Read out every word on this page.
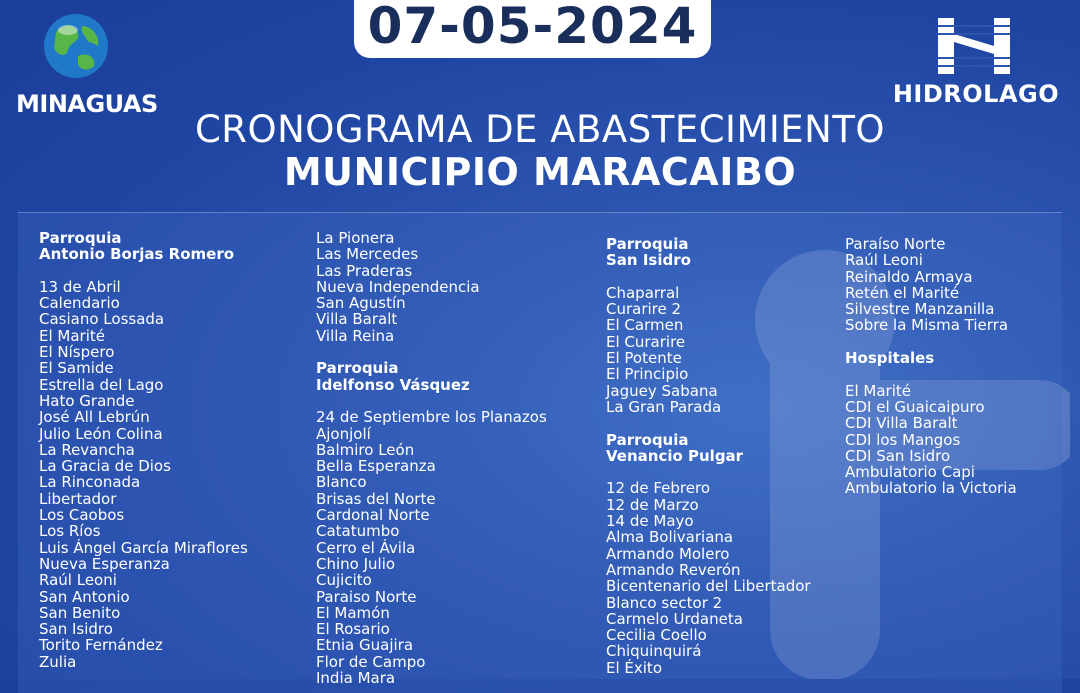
07-05-2024
MINAGUAS	HIDROLAGO
CRONOGRAMA DE ABASTECIMIENTO
MUNICIPIO MARACAIBO
Parroquia
Antonio Borjas Romero
13 de Abril
Calendario
Casiano Lossada
El Marité
El Níspero
El Samide
Estrella del Lago
Hato Grande
José All Lebrún
Julio León Colina
La Revancha
La Gracia de Dios
La Rinconada
Libertador
Los Caobos
Los Ríos
Luis Ángel García Miraflores
Nueva Esperanza
Raúl Leoni
San Antonio
San Benito
San Isidro
Torito Fernández
Zulia
La Pionera
Las Mercedes
Las Praderas
Nueva Independencia
San Agustín
Villa Baralt
Villa Reina
Parroquia
Idelfonso Vásquez
24 de Septiembre los Planazos
Ajonjolí
Balmiro León
Bella Esperanza
Blanco
Brisas del Norte
Cardonal Norte
Catatumbo
Cerro el Ávila
Chino Julio
Cujicito
Paraiso Norte
El Mamón
El Rosario
Etnia Guajira
Flor de Campo
India Mara
Parroquia
San Isidro
Chaparral
Curarire 2
El Carmen
El Curarire
El Potente
El Principio
Jaguey Sabana
La Gran Parada
Parroquia
Venancio Pulgar
12 de Febrero
12 de Marzo
14 de Mayo
Alma Bolivariana
Armando Molero
Armando Reverón
Bicentenario del Libertador
Blanco sector 2
Carmelo Urdaneta
Cecilia Coello
Chiquinquirá
El Éxito
Paraíso Norte
Raúl Leoni
Reinaldo Armaya
Retén el Marité
Silvestre Manzanilla
Sobre la Misma Tierra
Hospitales
El Marité
CDI el Guaicaipuro
CDI Villa Baralt
CDI los Mangos
CDI San Isidro
Ambulatorio Capi
Ambulatorio la Victoria
